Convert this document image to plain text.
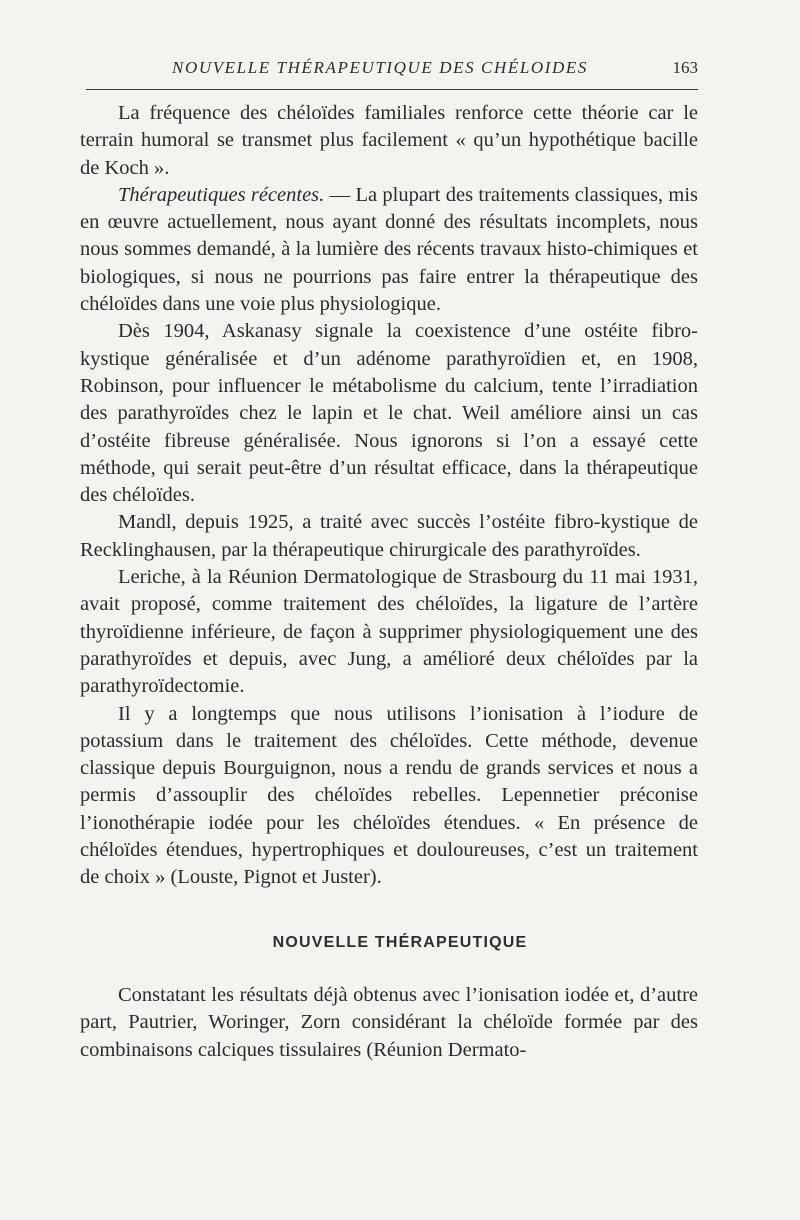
NOUVELLE THÉRAPEUTIQUE DES CHÉLOIDES	163

La fréquence des chéloïdes familiales renforce cette théorie car le terrain humoral se transmet plus facilement « qu’un hypothétique bacille de Koch ».

Thérapeutiques récentes. — La plupart des traitements classiques, mis en œuvre actuellement, nous ayant donné des résultats incomplets, nous nous sommes demandé, à la lumière des récents travaux histo-chimiques et biologiques, si nous ne pourrions pas faire entrer la thérapeutique des chéloïdes dans une voie plus physiologique.

Dès 1904, Askanasy signale la coexistence d’une ostéite fibro-kystique généralisée et d’un adénome parathyroïdien et, en 1908, Robinson, pour influencer le métabolisme du calcium, tente l’irradiation des parathyroïdes chez le lapin et le chat. Weil améliore ainsi un cas d’ostéite fibreuse généralisée. Nous ignorons si l’on a essayé cette méthode, qui serait peut-être d’un résultat efficace, dans la thérapeutique des chéloïdes.

Mandl, depuis 1925, a traité avec succès l’ostéite fibro-kystique de Recklinghausen, par la thérapeutique chirurgicale des parathyroïdes.

Leriche, à la Réunion Dermatologique de Strasbourg du 11 mai 1931, avait proposé, comme traitement des chéloïdes, la ligature de l’artère thyroïdienne inférieure, de façon à supprimer physiologiquement une des parathyroïdes et depuis, avec Jung, a amélioré deux chéloïdes par la parathyroïdectomie.

Il y a longtemps que nous utilisons l’ionisation à l’iodure de potassium dans le traitement des chéloïdes. Cette méthode, devenue classique depuis Bourguignon, nous a rendu de grands services et nous a permis d’assouplir des chéloïdes rebelles. Lepennetier préconise l’ionothérapie iodée pour les chéloïdes étendues. « En présence de chéloïdes étendues, hypertrophiques et douloureuses, c’est un traitement de choix » (Louste, Pignot et Juster).

NOUVELLE THÉRAPEUTIQUE

Constatant les résultats déjà obtenus avec l’ionisation iodée et, d’autre part, Pautrier, Woringer, Zorn considérant la chéloïde formée par des combinaisons calciques tissulaires (Réunion Dermato-
